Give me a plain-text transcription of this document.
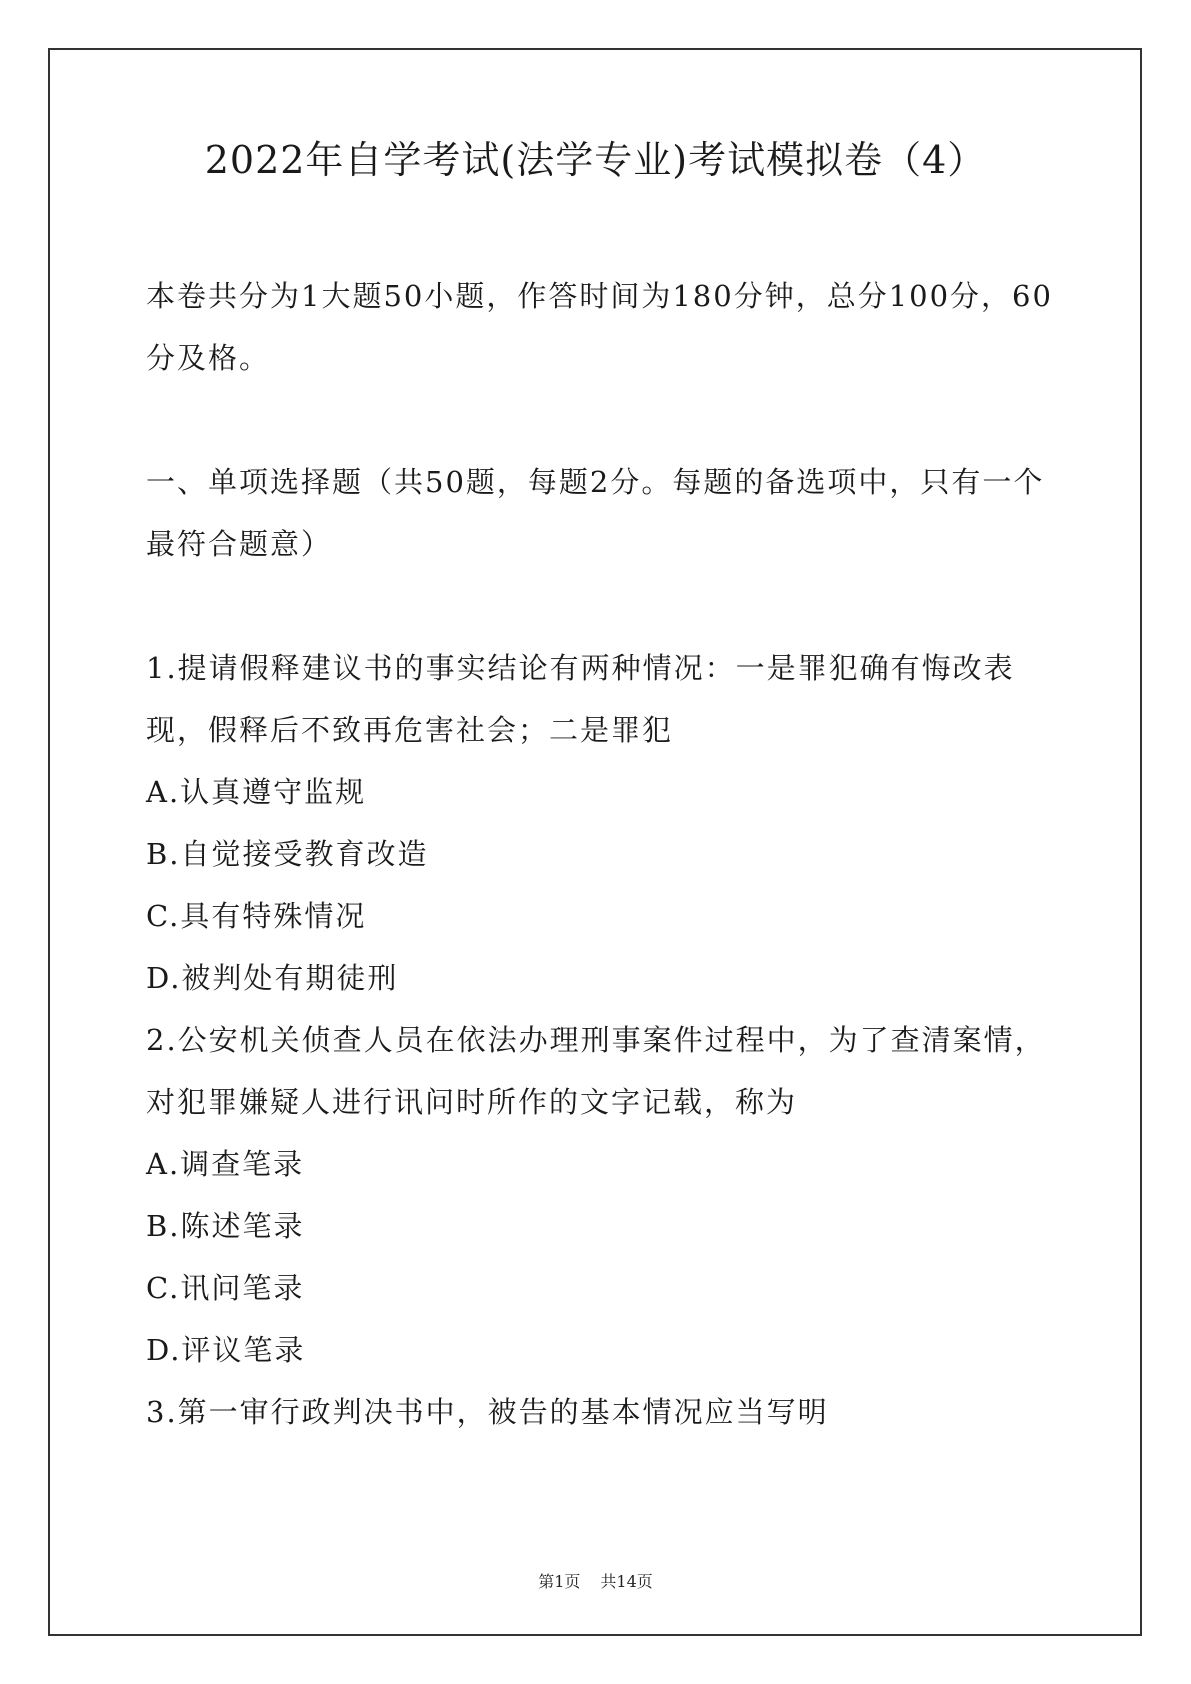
2022年自学考试(法学专业)考试模拟卷（4）

本卷共分为1大题50小题，作答时间为180分钟，总分100分，60分及格。

一、单项选择题（共50题，每题2分。每题的备选项中，只有一个最符合题意）

1.提请假释建议书的事实结论有两种情况：一是罪犯确有悔改表现，假释后不致再危害社会；二是罪犯

A.认真遵守监规

B.自觉接受教育改造

C.具有特殊情况

D.被判处有期徒刑

2.公安机关侦查人员在依法办理刑事案件过程中，为了查清案情，对犯罪嫌疑人进行讯问时所作的文字记载，称为

A.调查笔录

B.陈述笔录

C.讯问笔录

D.评议笔录

3.第一审行政判决书中，被告的基本情况应当写明

第1页 共14页
